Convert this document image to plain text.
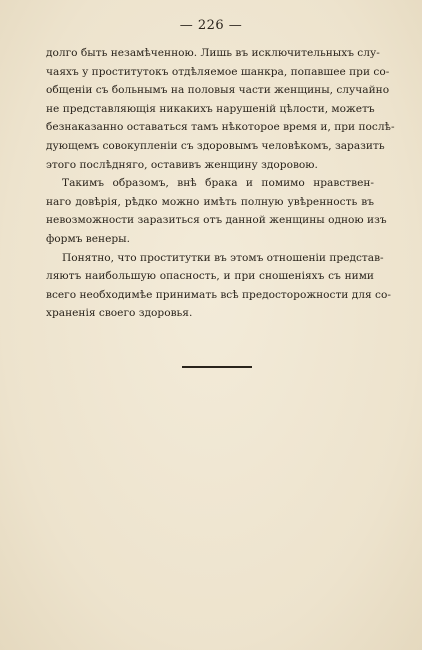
— 226 —

долго быть незамѣченною. Лишь въ исключительныхъ слу-
чаяхъ у проститутокъ отдѣляемое шанкра, попавшее при со-
общеніи съ больнымъ на половыя части женщины, случайно
не представляющія никакихъ нарушеній цѣлости, можетъ
безнаказанно оставаться тамъ нѣкоторое время и, при послѣ-
дующемъ совокупленіи съ здоровымъ человѣкомъ, заразить
этого послѣдняго, оставивъ женщину здоровою.

Такимъ образомъ, внѣ брака и помимо нравствен-
наго довѣрія, рѣдко можно имѣть полную увѣренность въ
невозможности заразиться отъ данной женщины одною изъ
формъ венеры.

Понятно, что проститутки въ этомъ отношеніи представ-
ляютъ наибольшую опасность, и при сношеніяхъ съ ними
всего необходимѣе принимать всѣ предосторожности для со-
храненія своего здоровья.
